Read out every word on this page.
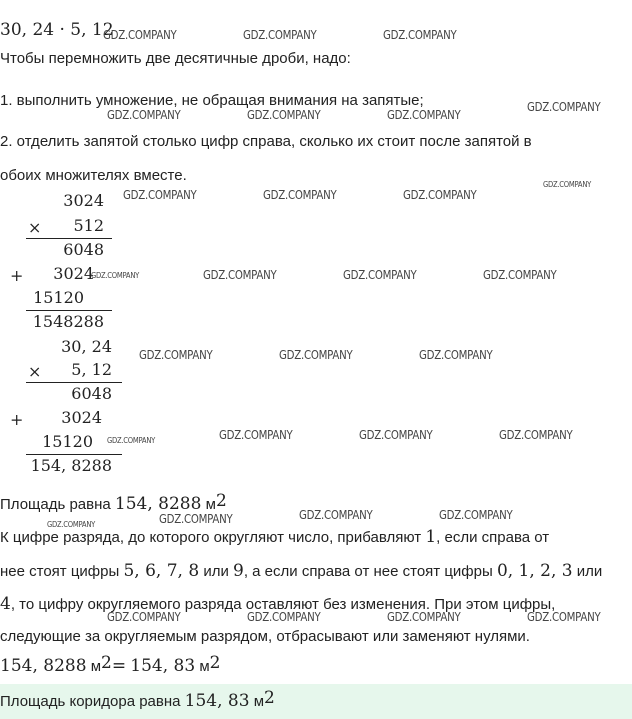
30, 24 · 5, 12
Чтобы перемножить две десятичные дроби, надо:
1. выполнить умножение, не обращая внимания на запятые;
2. отделить запятой столько цифр справа, сколько их стоит после запятой в
обоих множителях вместе.
3024
×	512
6048
+	3024
15120
1548288
30, 24
×	5, 12
6048
+	3024
15120
154, 8288
Площадь равна 154, 8288 $м^2$
К цифре разряда, до которого округляют число, прибавляют 1, если справа от
нее стоят цифры 5, 6, 7, 8 или 9, а если справа от нее стоят цифры 0, 1, 2, 3 или
4, то цифру округляемого разряда оставляют без изменения. При этом цифры,
следующие за округляемым разрядом, отбрасывают или заменяют нулями.
154, 8288 $м^2= 154$, 83 $м^2$
Площадь коридора равна 154, 83 $м^2$
GDZ.COMPANY	GDZ.COMPANY	GDZ.COMPANY
GDZ.COMPANY
GDZ.COMPANY	GDZ.COMPANY	GDZ.COMPANY
GDZ.COMPANY
GDZ.COMPANY	GDZ.COMPANY	GDZ.COMPANY
GDZ.COMPANY	GDZ.COMPANY	GDZ.COMPANY	GDZ.COMPANY
GDZ.COMPANY	GDZ.COMPANY	GDZ.COMPANY
GDZ.COMPANY	GDZ.COMPANY	GDZ.COMPANY	GDZ.COMPANY
GDZ.COMPANY	GDZ.COMPANY
GDZ.COMPANY
GDZ.COMPANY
GDZ.COMPANY	GDZ.COMPANY	GDZ.COMPANY	GDZ.COMPANY
